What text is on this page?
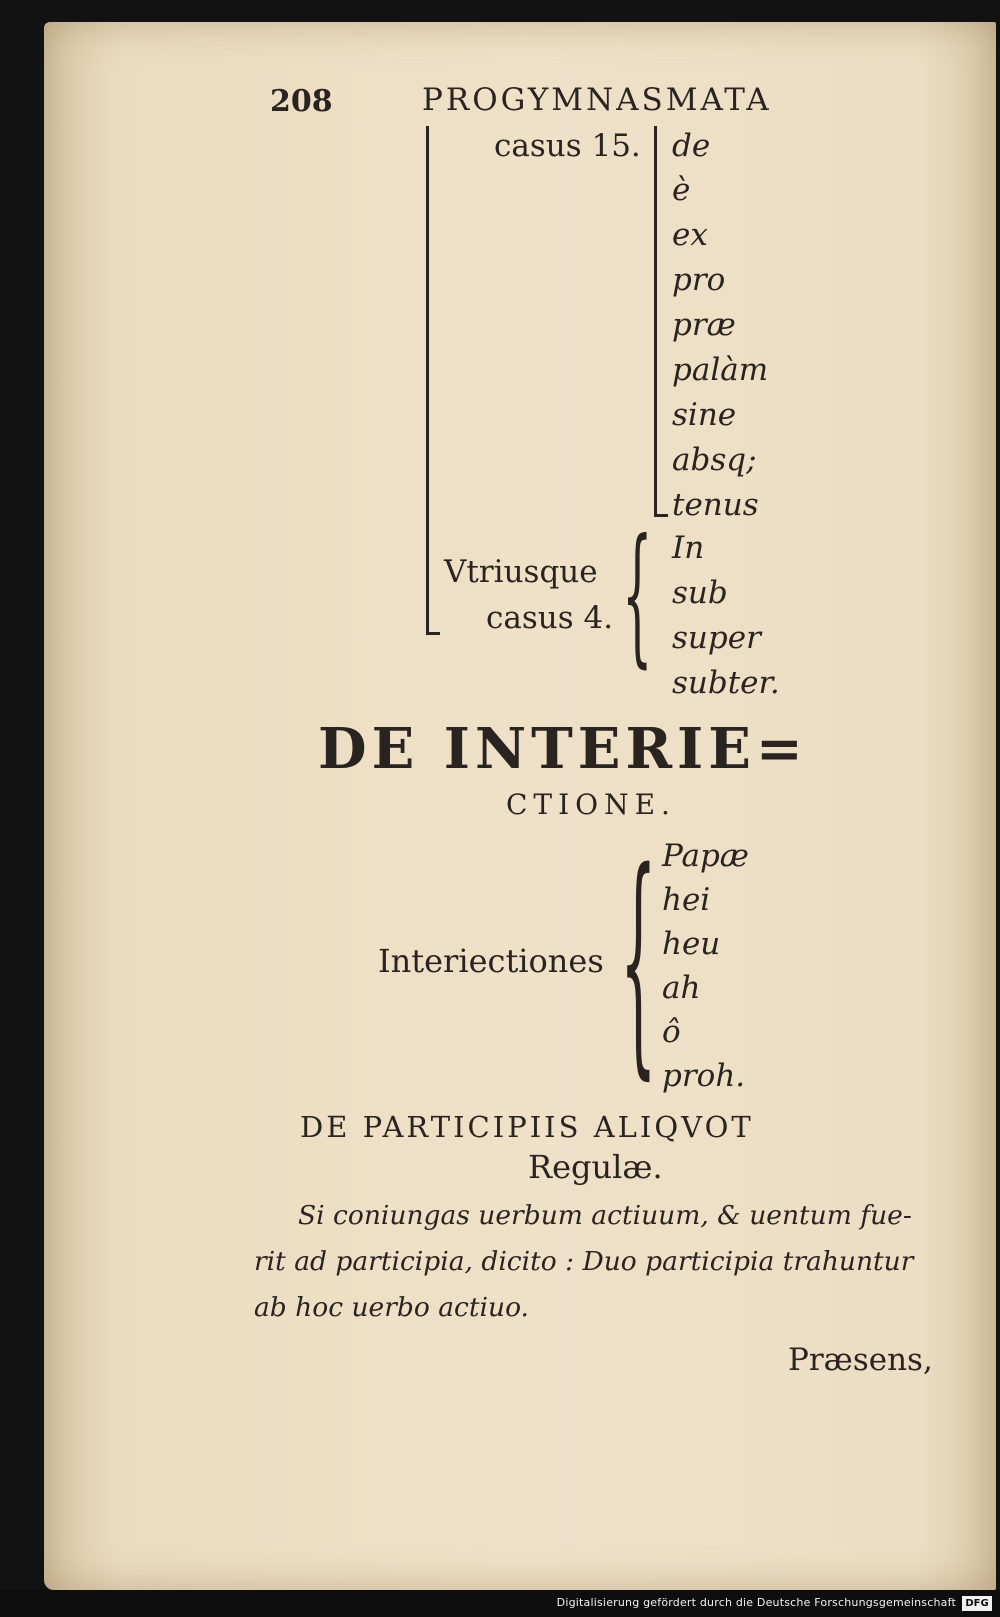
208	PROGYMNASMATA
casus 15. de
è
ex
pro
præ
palàm
sine
absq;
tenus
Vtriusque
casus 4. { In
sub
super
subter.
DE INTERIE=
CTIONE.
Interiectiones { Papæ
hei
heu
ah
ô
proh.
DE PARTICIPIIS ALIQVOT
Regulæ.
Si coniungas uerbum actiuum, & uentum fue-
rit ad participia, dicito : Duo participia trahuntur
ab hoc uerbo actiuo.
Præsens,
Digitalisierung gefördert durch die Deutsche Forschungsgemeinschaft DFG
